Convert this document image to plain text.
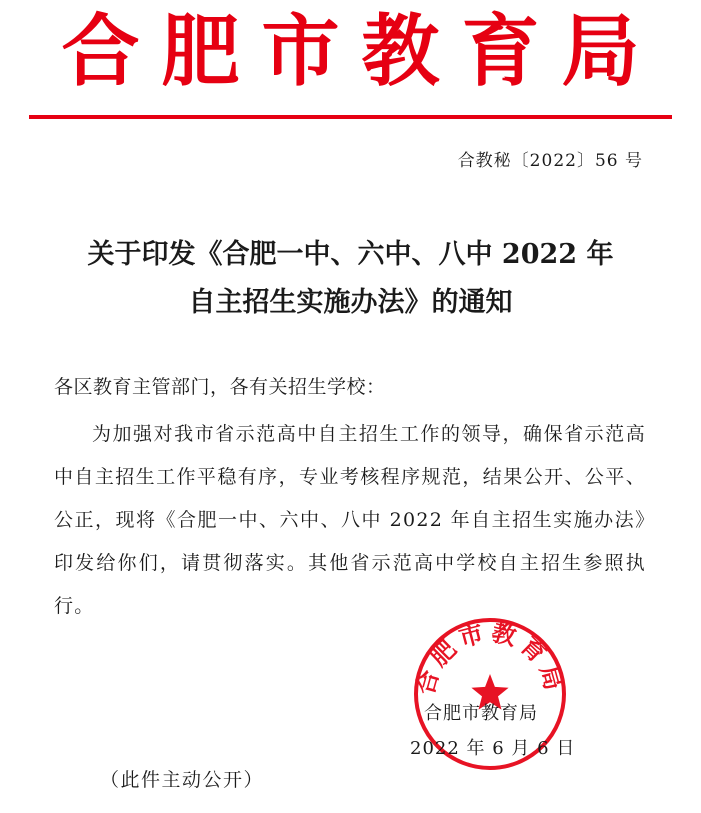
合肥市教育局
合教秘〔2022〕56 号
关于印发《合肥一中、六中、八中 2022 年
自主招生实施办法》的通知
各区教育主管部门，各有关招生学校：
为加强对我市省示范高中自主招生工作的领导，确保省示范高中自主招生工作平稳有序，专业考核程序规范，结果公开、公平、公正，现将《合肥一中、六中、八中 2022 年自主招生实施办法》印发给你们，请贯彻落实。其他省示范高中学校自主招生参照执行。
合肥市教育局
合肥市教育局
2022 年 6 月 6 日
（此件主动公开）
